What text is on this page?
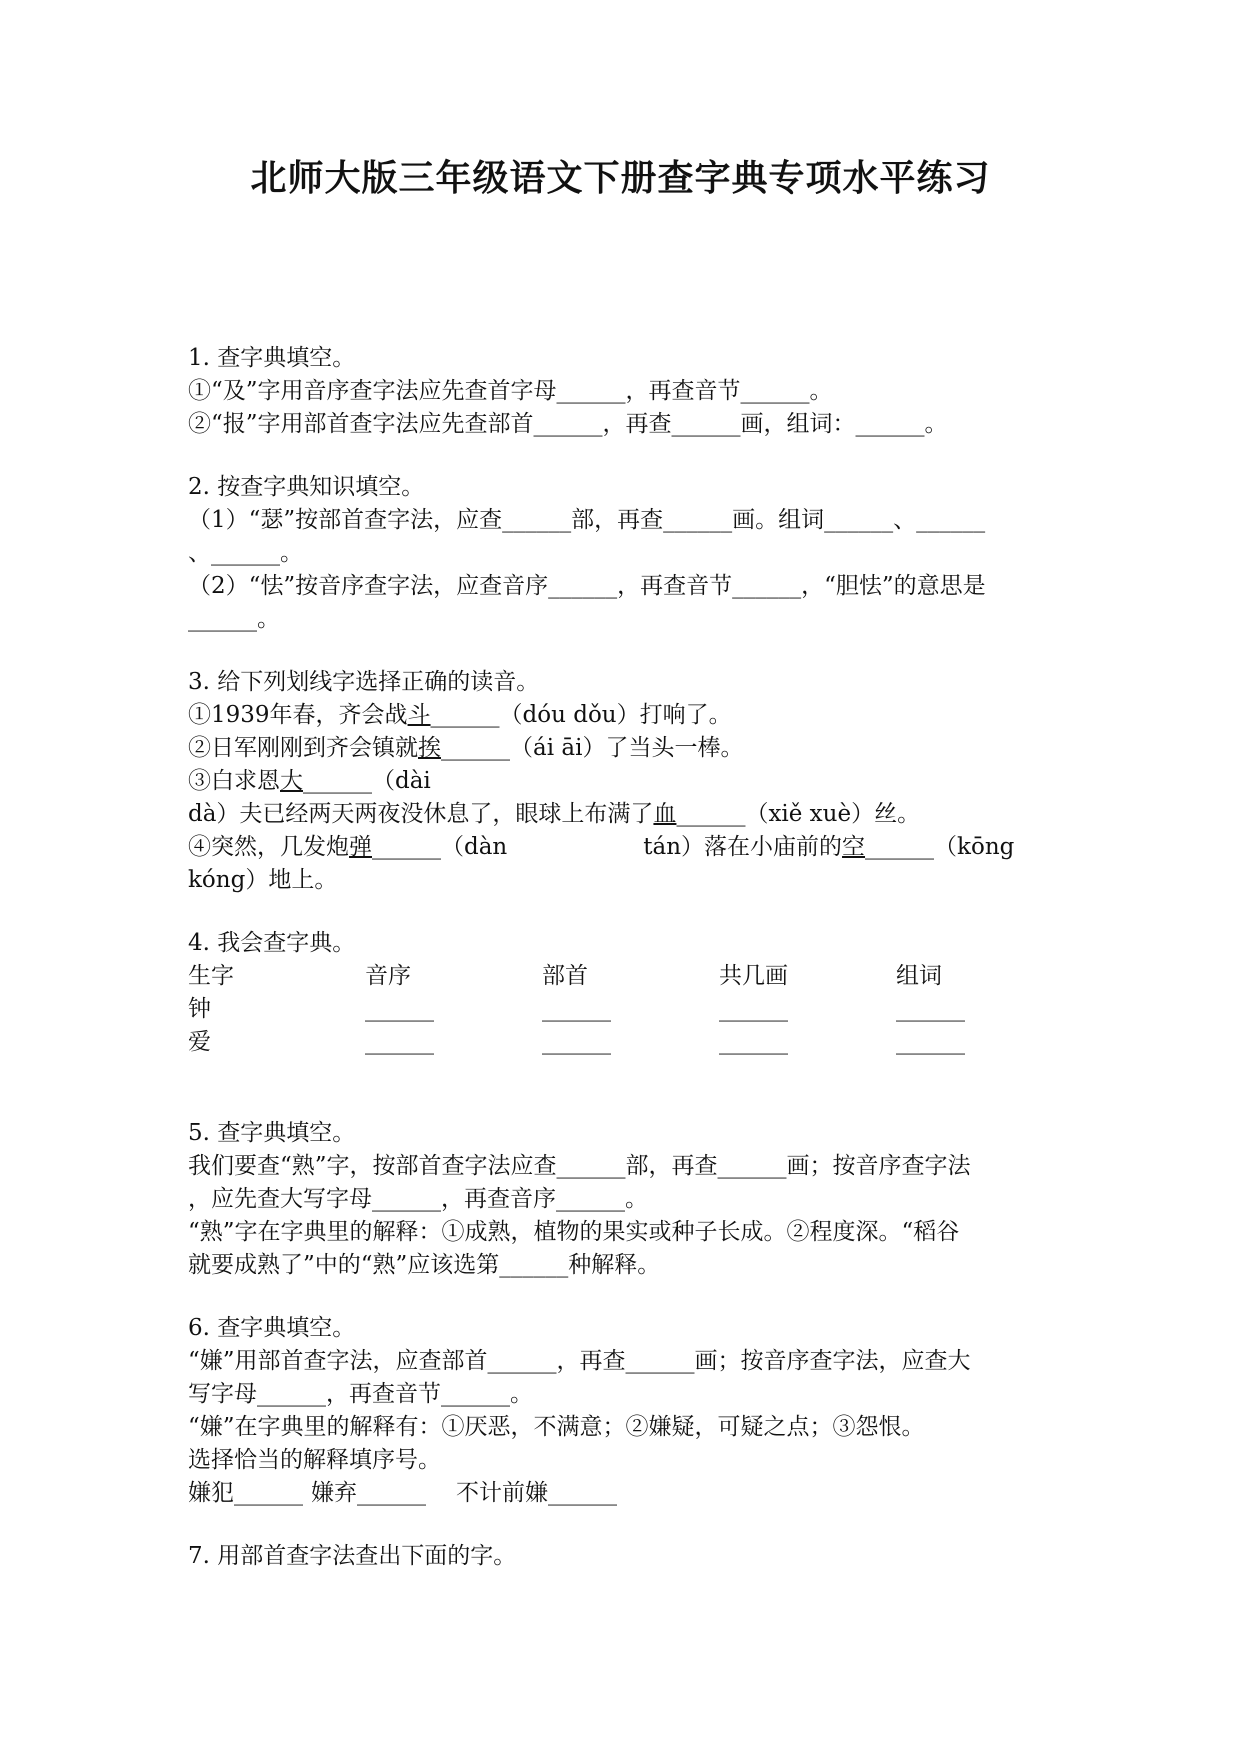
北师大版三年级语文下册查字典专项水平练习
1. 查字典填空。
①“及”字用音序查字法应先查首字母______，再查音节______。
②“报”字用部首查字法应先查部首______，再查______画，组词：______。
2. 按查字典知识填空。
（1）“瑟”按部首查字法，应查______部，再查______画。组词______、______
、______。
（2）“怯”按音序查字法，应查音序______，再查音节______，“胆怯”的意思是
______。
3. 给下列划线字选择正确的读音。
①1939年春，齐会战斗______（dóu dǒu）打响了。
②日军刚刚到齐会镇就挨______（ái āi）了当头一棒。
③白求恩大______（dài
dà）夫已经两天两夜没休息了，眼球上布满了血______（xiě xuè）丝。
④突然，几发炮弹______（dàn	tán）落在小庙前的空______（kōng
kóng）地上。
4. 我会查字典。
生字	音序	部首	共几画	组词
钟	______	______	______	______
爱	______	______	______	______
5. 查字典填空。
我们要查“熟”字，按部首查字法应查______部，再查______画；按音序查字法
，应先查大写字母______，再查音序______。
“熟”字在字典里的解释：①成熟，植物的果实或种子长成。②程度深。“稻谷
就要成熟了”中的“熟”应该选第______种解释。
6. 查字典填空。
“嫌”用部首查字法，应查部首______，再查______画；按音序查字法，应查大
写字母______，再查音节______。
“嫌”在字典里的解释有：①厌恶，不满意；②嫌疑，可疑之点；③怨恨。
选择恰当的解释填序号。
嫌犯______ 嫌弃______ 不计前嫌______
7. 用部首查字法查出下面的字。
